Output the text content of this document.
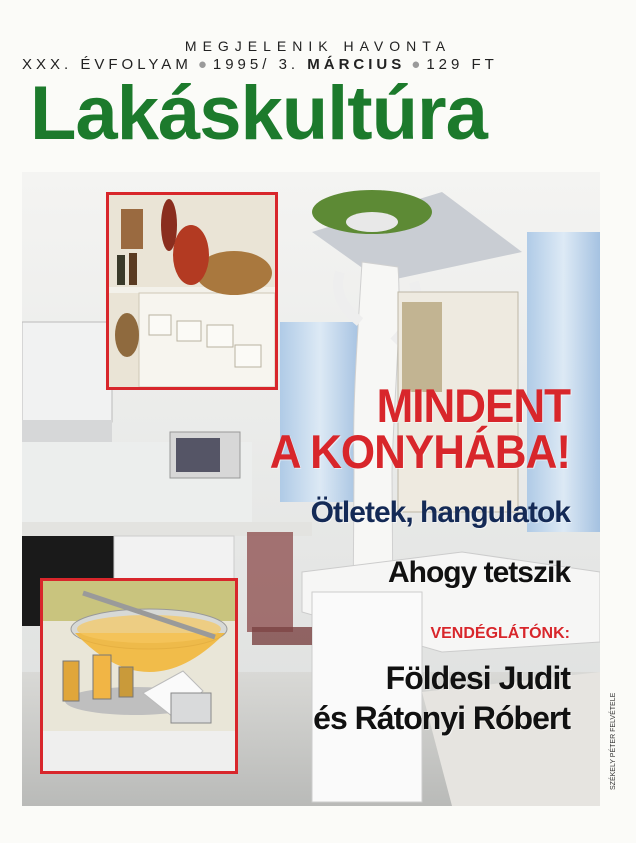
MEGJELENIK HAVONTA
XXX. ÉVFOLYAM ● 1995/ 3. MÁRCIUS ● 129 FT
Lakáskultúra
MINDENT
A KONYHÁBA!
Ötletek, hangulatok
Ahogy tetszik
VENDÉGLÁTÓNK:
Földesi Judit
és Rátonyi Róbert	SZÉKELY PÉTER FELVÉTELE
